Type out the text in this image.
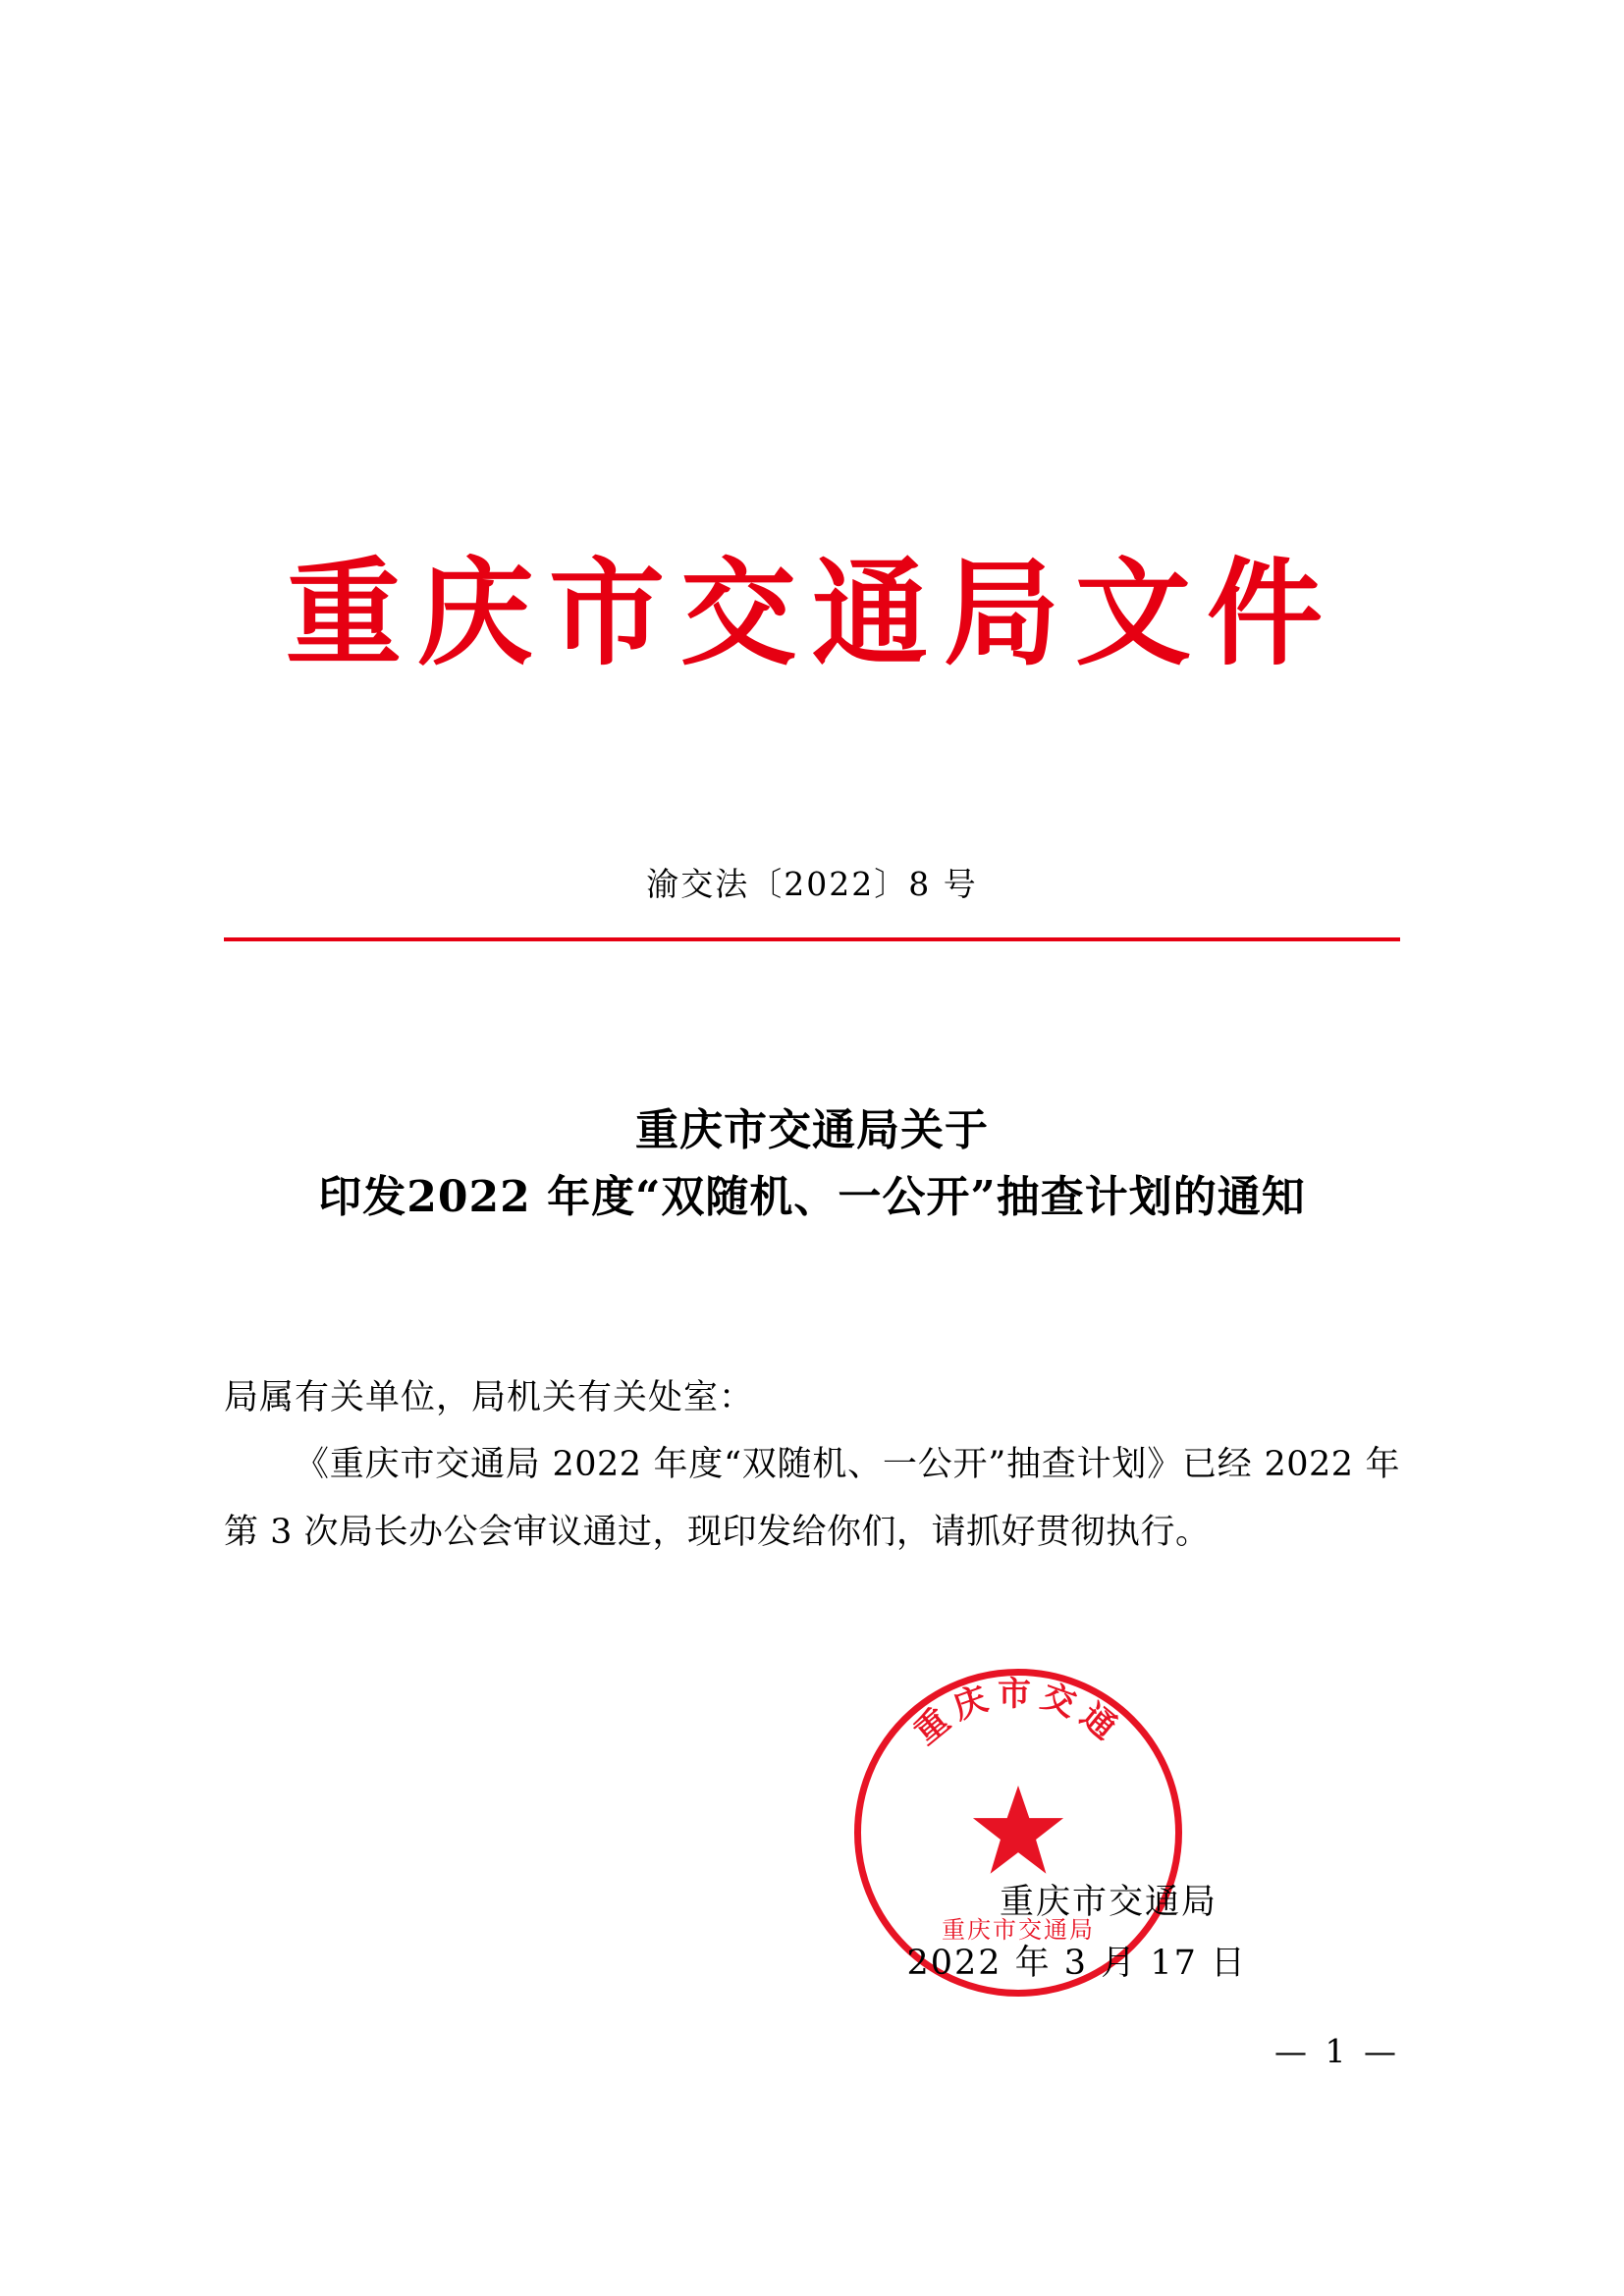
重庆市交通局文件
渝交法〔2022〕8 号
重庆市交通局关于
印发2022 年度“双随机、一公开”抽查计划的通知
局属有关单位，局机关有关处室：
《重庆市交通局 2022 年度“双随机、一公开”抽查计划》已经 2022 年第 3 次局长办公会审议通过，现印发给你们，请抓好贯彻执行。
重庆市交通
重庆市交通局
重庆市交通局
2022 年 3 月 17 日
— 1 —
